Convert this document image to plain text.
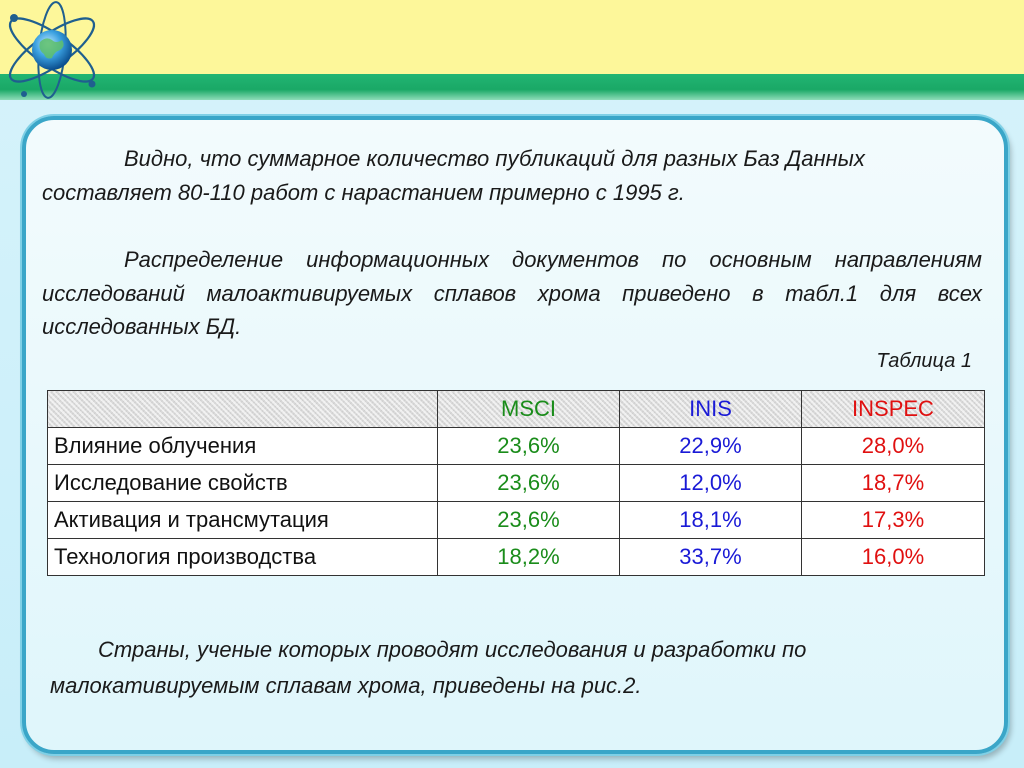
Видно, что суммарное количество публикаций для разных Баз Данных составляет 80-110 работ с нарастанием примерно с 1995 г.
Распределение информационных документов по основным направлениям исследований малоактивируемых сплавов хрома приведено в табл.1 для всех исследованных БД.
Таблица 1
	MSCI	INIS	INSPEC
Влияние облучения	23,6%	22,9%	28,0%
Исследование свойств	23,6%	12,0%	18,7%
Активация и трансмутация	23,6%	18,1%	17,3%
Технология производства	18,2%	33,7%	16,0%
Страны, ученые которых проводят исследования и разработки по малокативируемым сплавам хрома, приведены на рис.2.
